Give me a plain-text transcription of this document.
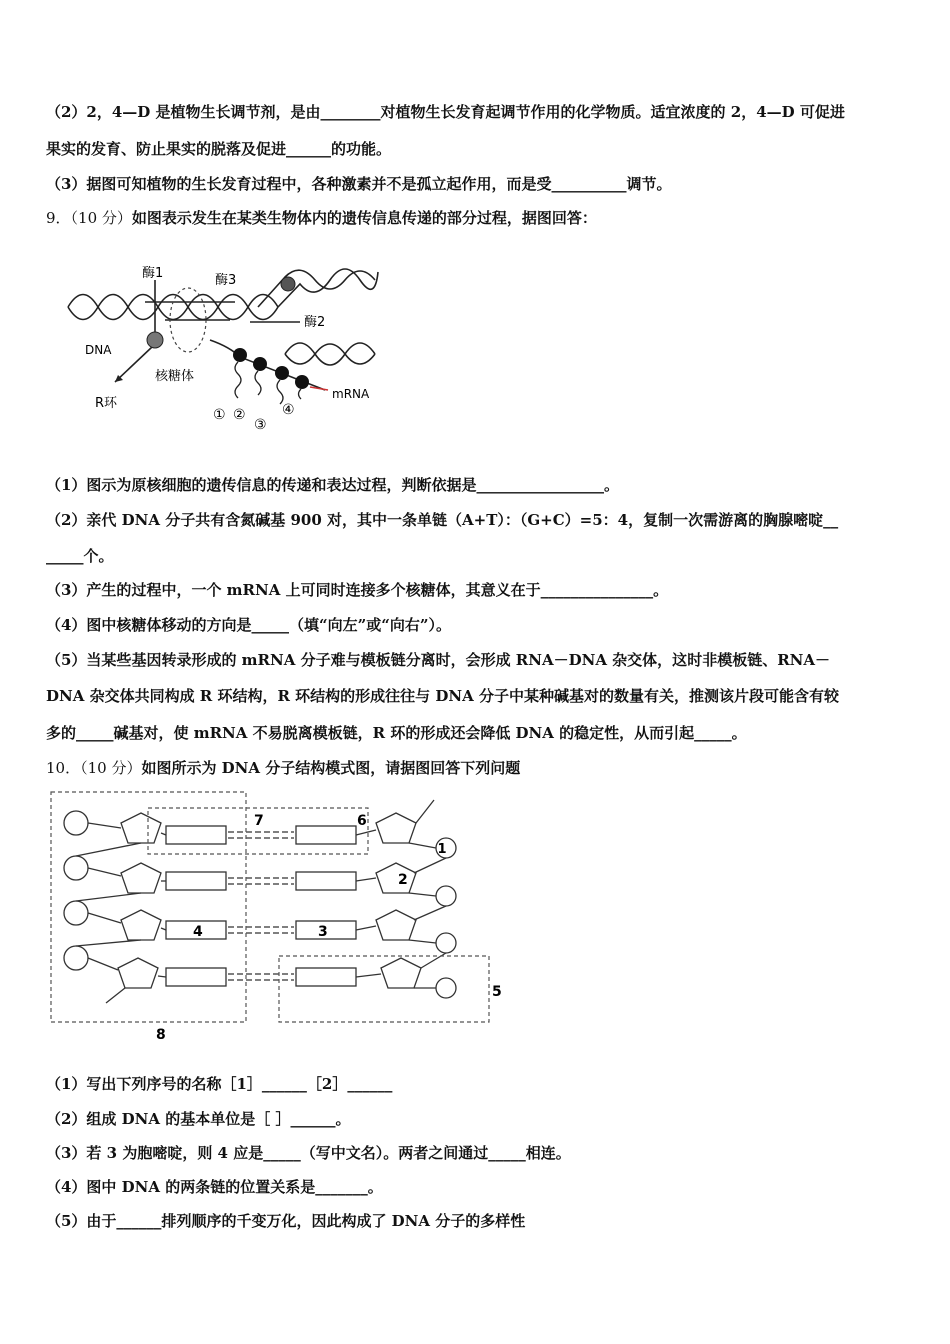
（2）2，4—D 是植物生长调节剂，是由________对植物生长发育起调节作用的化学物质。适宜浓度的 2，4—D 可促进
果实的发育、防止果实的脱落及促进______的功能。
（3）据图可知植物的生长发育过程中，各种激素并不是孤立起作用，而是受__________调节。
9．（10 分）如图表示发生在某类生物体内的遗传信息传递的部分过程，据图回答：
酶1	酶3
酶2
DNA
核糖体
R环
mRNA
① ②
③
④
（1）图示为原核细胞的遗传信息的传递和表达过程，判断依据是_________________。
（2）亲代 DNA 分子共有含氮碱基 900 对，其中一条单链（A+T）：（G+C）=5：4，复制一次需游离的胸腺嘧啶__
_____个。
（3）产生的过程中，一个 mRNA 上可同时连接多个核糖体，其意义在于_______________。
（4）图中核糖体移动的方向是_____（填“向左”或“向右”）。
（5）当某些基因转录形成的 mRNA 分子难与模板链分离时，会形成 RNA－DNA 杂交体，这时非模板链、RNA－
DNA 杂交体共同构成 R 环结构，R 环结构的形成往往与 DNA 分子中某种碱基对的数量有关，推测该片段可能含有较
多的_____碱基对，使 mRNA 不易脱离模板链，R 环的形成还会降低 DNA 的稳定性，从而引起_____。
10．（10 分）如图所示为 DNA 分子结构模式图，请据图回答下列问题
1
2
3
4
5
6
7
8
（1）写出下列序号的名称［1］______［2］______
（2）组成 DNA 的基本单位是［ ］______。
（3）若 3 为胞嘧啶，则 4 应是_____（写中文名）。两者之间通过_____相连。
（4）图中 DNA 的两条链的位置关系是_______。
（5）由于______排列顺序的千变万化，因此构成了 DNA 分子的多样性
